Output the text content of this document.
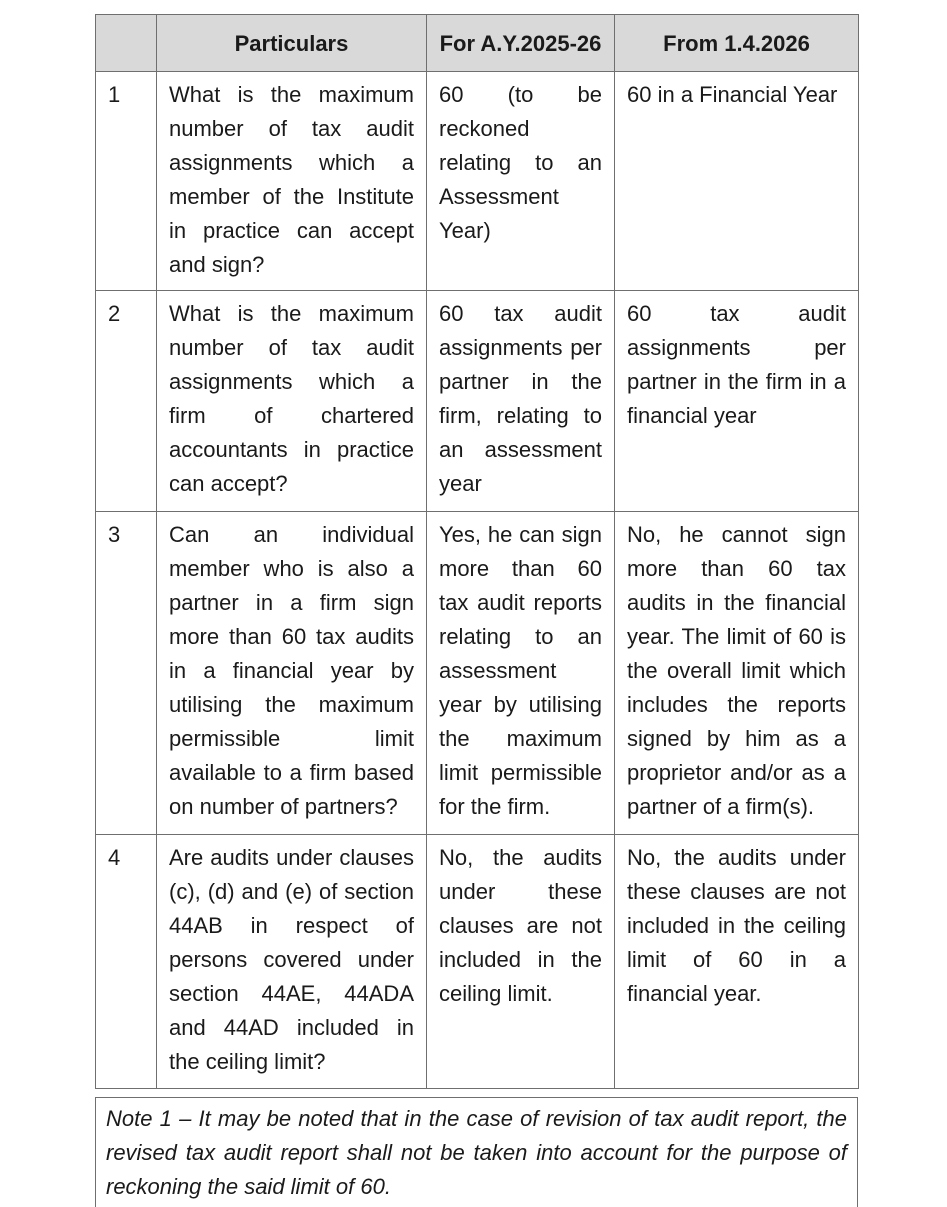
	Particulars	For A.Y.2025-26	From 1.4.2026
1	What is the maximum number of tax audit assignments which a member of the Institute in practice can accept and sign?	60 (to be reckoned relating to an Assessment Year)	60 in a Financial Year
2	What is the maximum number of tax audit assignments which a firm of chartered accountants in practice can accept?	60 tax audit assignments per partner in the firm, relating to an assessment year	60 tax audit assignments per partner in the firm in a financial year
3	Can an individual member who is also a partner in a firm sign more than 60 tax audits in a financial year by utilising the maximum permissible limit available to a firm based on number of partners?	Yes, he can sign more than 60 tax audit reports relating to an assessment year by utilising the maximum limit permissible for the firm.	No, he cannot sign more than 60 tax audits in the financial year. The limit of 60 is the overall limit which includes the reports signed by him as a proprietor and/or as a partner of a firm(s).
4	Are audits under clauses (c), (d) and (e) of section 44AB in respect of persons covered under section 44AE, 44ADA and 44AD included in the ceiling limit?	No, the audits under these clauses are not included in the ceiling limit.	No, the audits under these clauses are not included in the ceiling limit of 60 in a financial year.
Note 1 – It may be noted that in the case of revision of tax audit report, the revised tax audit report shall not be taken into account for the purpose of reckoning the said limit of 60.
